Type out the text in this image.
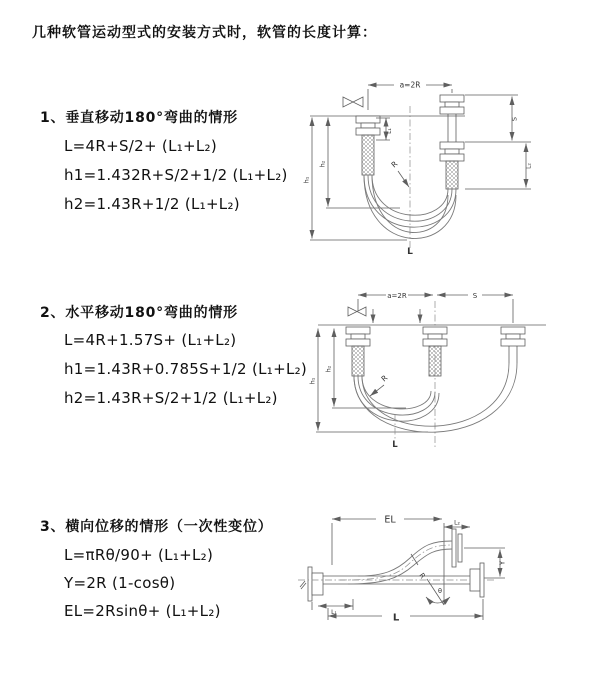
几种软管运动型式的安装方式时，软管的长度计算：
1、垂直移动180°弯曲的情形
L=4R+S/2+ (L₁+L₂)
h1=1.432R+S/2+1/2 (L₁+L₂)
h2=1.43R+1/2 (L₁+L₂)
a=2R
L₁
S
L₂
h₁
h₂	R
L
2、水平移动180°弯曲的情形
L=4R+1.57S+ (L₁+L₂)
h1=1.43R+0.785S+1/2 (L₁+L₂)
h2=1.43R+S/2+1/2 (L₁+L₂)
a=2R	S
h₁
h₂
R
L
3、横向位移的情形（一次性变位）
L=πRθ/90+ (L₁+L₂)
Y=2R (1-cosθ)
EL=2Rsinθ+ (L₁+L₂)
EL	L₂
Y
R
θ
L₁	L
